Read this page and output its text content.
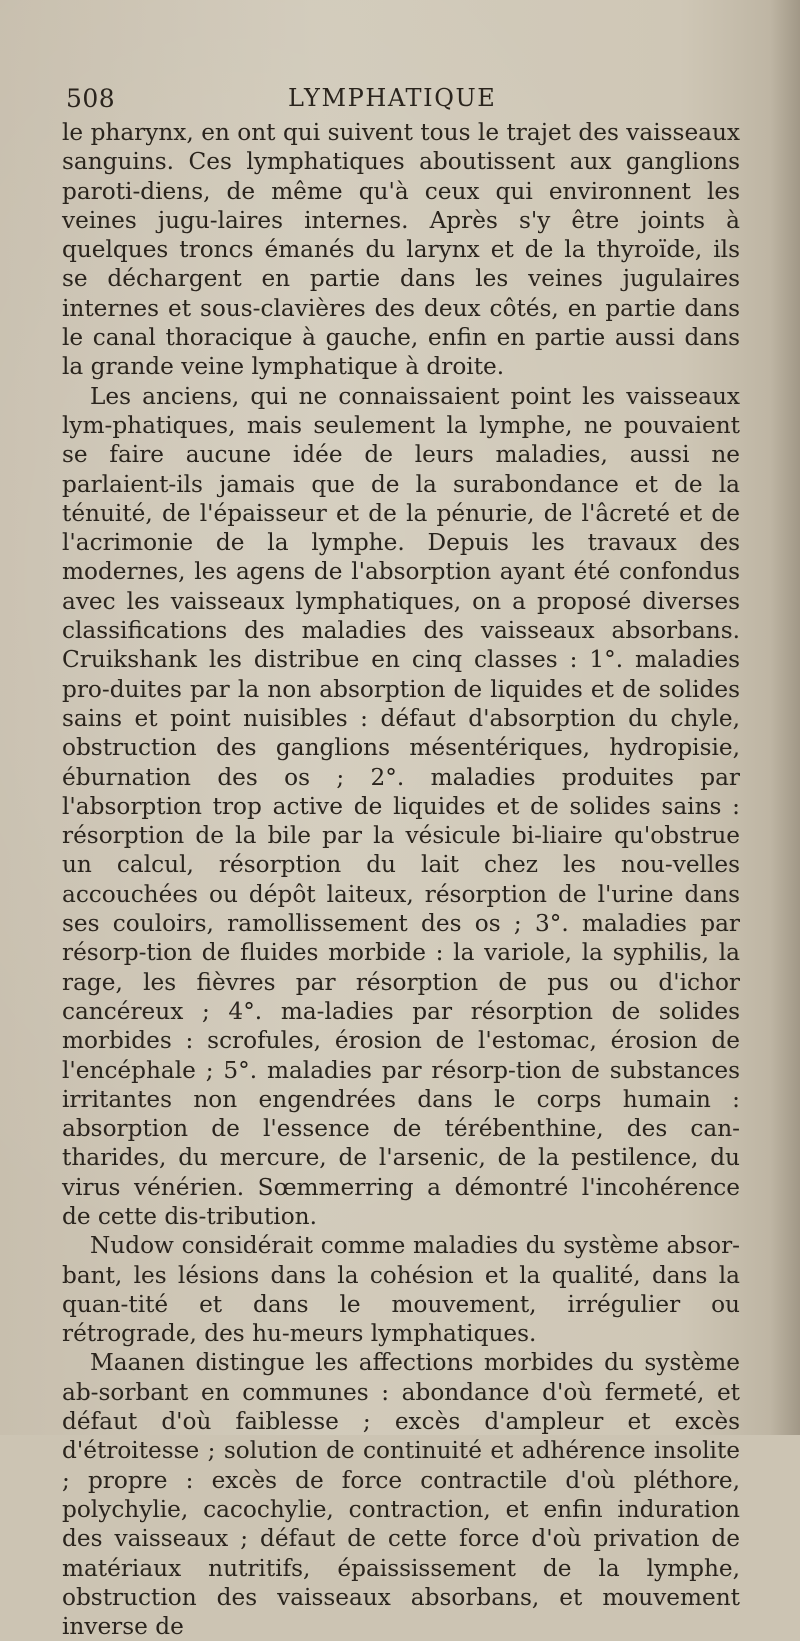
508	LYMPHATIQUE

le pharynx, en ont qui suivent tous le trajet des vaisseaux sanguins. Ces lymphatiques aboutissent aux ganglions paroti-diens, de même qu'à ceux qui environnent les veines jugu-laires internes. Après s'y être joints à quelques troncs émanés du larynx et de la thyroïde, ils se déchargent en partie dans les veines jugulaires internes et sous-clavières des deux côtés, en partie dans le canal thoracique à gauche, enfin en partie aussi dans la grande veine lymphatique à droite.

Les anciens, qui ne connaissaient point les vaisseaux lym-phatiques, mais seulement la lymphe, ne pouvaient se faire aucune idée de leurs maladies, aussi ne parlaient-ils jamais que de la surabondance et de la ténuité, de l'épaisseur et de la pénurie, de l'âcreté et de l'acrimonie de la lymphe. Depuis les travaux des modernes, les agens de l'absorption ayant été confondus avec les vaisseaux lymphatiques, on a proposé diverses classifications des maladies des vaisseaux absorbans. Cruikshank les distribue en cinq classes : 1°. maladies pro-duites par la non absorption de liquides et de solides sains et point nuisibles : défaut d'absorption du chyle, obstruction des ganglions mésentériques, hydropisie, éburnation des os ; 2°. maladies produites par l'absorption trop active de liquides et de solides sains : résorption de la bile par la vésicule bi-liaire qu'obstrue un calcul, résorption du lait chez les nou-velles accouchées ou dépôt laiteux, résorption de l'urine dans ses couloirs, ramollissement des os ; 3°. maladies par résorp-tion de fluides morbide : la variole, la syphilis, la rage, les fièvres par résorption de pus ou d'ichor cancéreux ; 4°. ma-ladies par résorption de solides morbides : scrofules, érosion de l'estomac, érosion de l'encéphale ; 5°. maladies par résorp-tion de substances irritantes non engendrées dans le corps humain : absorption de l'essence de térébenthine, des can-tharides, du mercure, de l'arsenic, de la pestilence, du virus vénérien. Sœmmerring a démontré l'incohérence de cette dis-tribution.

Nudow considérait comme maladies du système absor-bant, les lésions dans la cohésion et la qualité, dans la quan-tité et dans le mouvement, irrégulier ou rétrograde, des hu-meurs lymphatiques.

Maanen distingue les affections morbides du système ab-sorbant en communes : abondance d'où fermeté, et défaut d'où faiblesse ; excès d'ampleur et excès d'étroitesse ; solution de continuité et adhérence insolite ; propre : excès de force contractile d'où pléthore, polychylie, cacochylie, contraction, et enfin induration des vaisseaux ; défaut de cette force d'où privation de matériaux nutritifs, épaississement de la lymphe, obstruction des vaisseaux absorbans, et mouvement inverse de
